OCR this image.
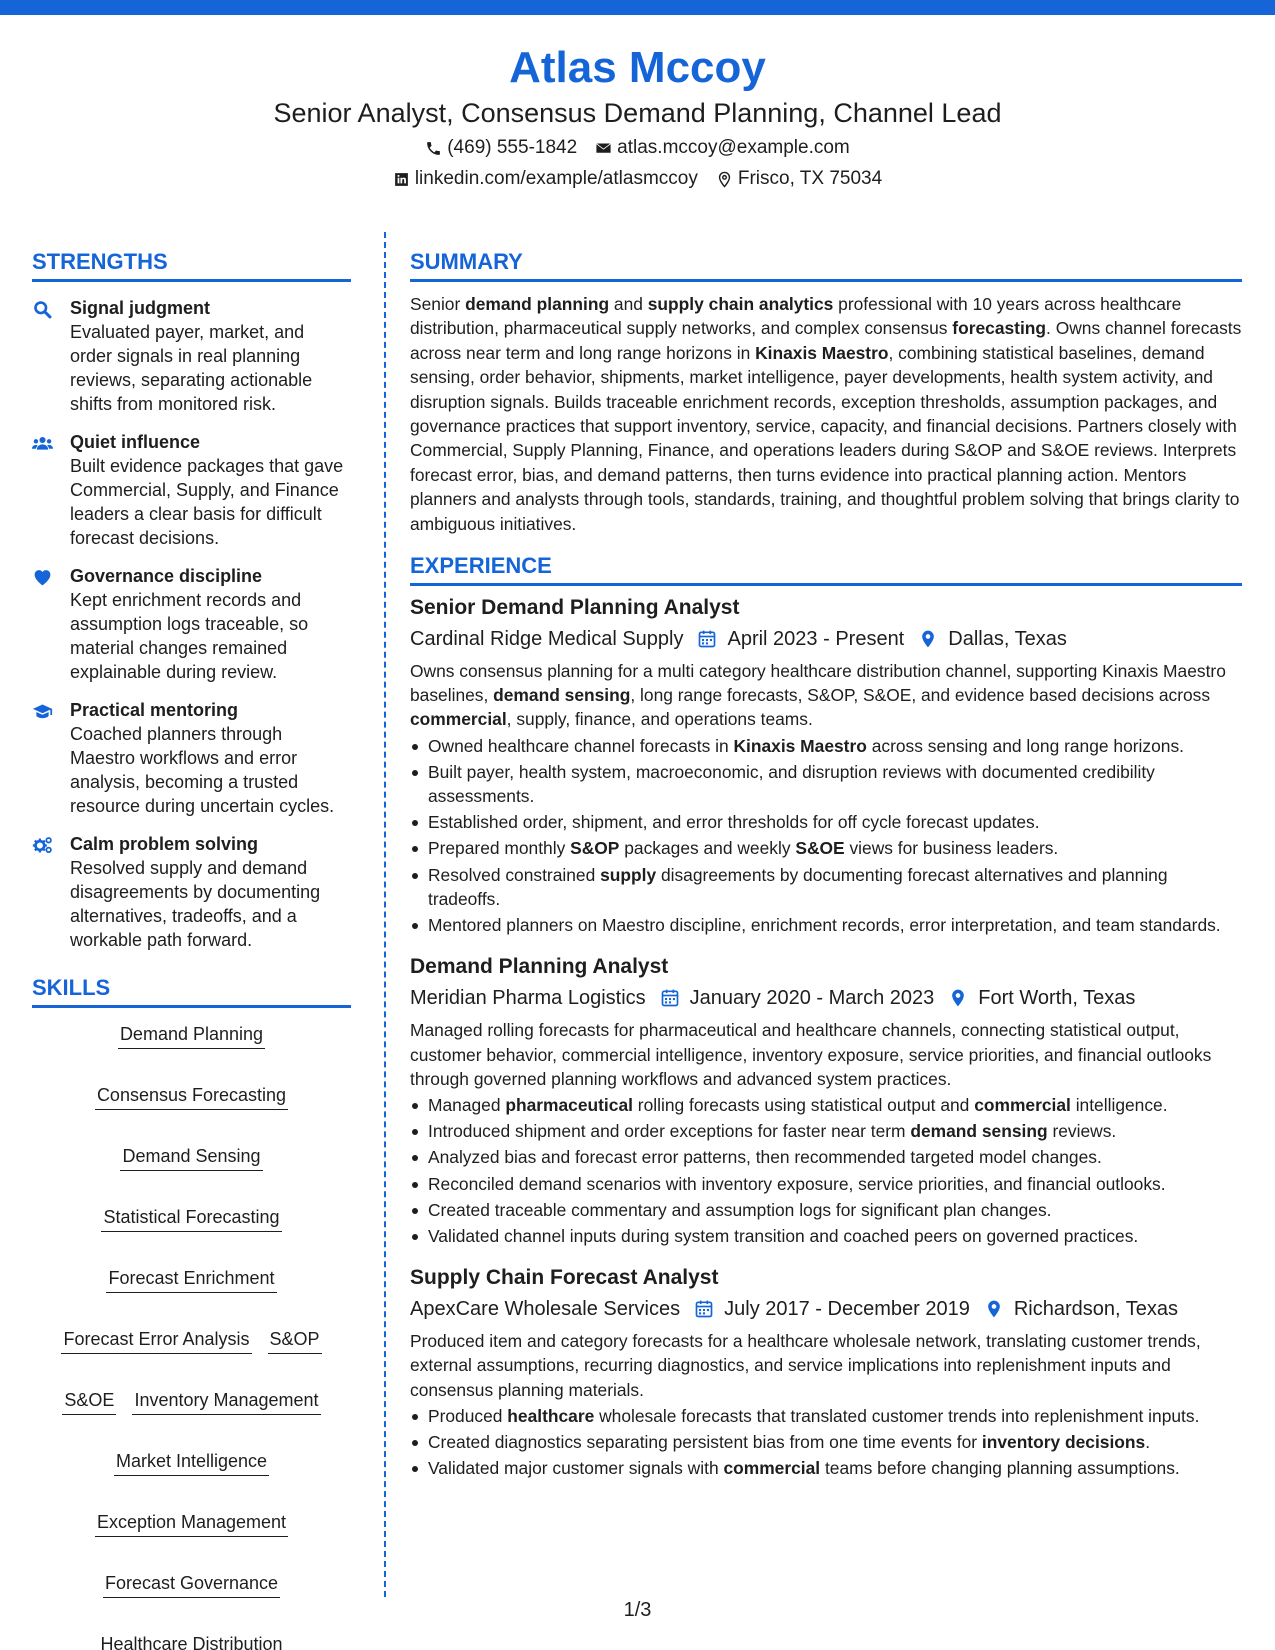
Atlas Mccoy
Senior Analyst, Consensus Demand Planning, Channel Lead
(469) 555-1842 atlas.mccoy@example.com
linkedin.com/example/atlasmccoy Frisco, TX 75034
STRENGTHS
Signal judgment
Evaluated payer, market, and order signals in real planning reviews, separating actionable shifts from monitored risk.
Quiet influence
Built evidence packages that gave Commercial, Supply, and Finance leaders a clear basis for difficult forecast decisions.
Governance discipline
Kept enrichment records and assumption logs traceable, so material changes remained explainable during review.
Practical mentoring
Coached planners through Maestro workflows and error analysis, becoming a trusted resource during uncertain cycles.
Calm problem solving
Resolved supply and demand disagreements by documenting alternatives, tradeoffs, and a workable path forward.
SKILLS
Demand Planning
Consensus Forecasting
Demand Sensing
Statistical Forecasting
Forecast Enrichment
Forecast Error Analysis S&OP
S&OE Inventory Management
Market Intelligence
Exception Management
Forecast Governance
Healthcare Distribution
SUMMARY
Senior demand planning and supply chain analytics professional with 10 years across healthcare distribution, pharmaceutical supply networks, and complex consensus forecasting. Owns channel forecasts across near term and long range horizons in Kinaxis Maestro, combining statistical baselines, demand sensing, order behavior, shipments, market intelligence, payer developments, health system activity, and disruption signals. Builds traceable enrichment records, exception thresholds, assumption packages, and governance practices that support inventory, service, capacity, and financial decisions. Partners closely with Commercial, Supply Planning, Finance, and operations leaders during S&OP and S&OE reviews. Interprets forecast error, bias, and demand patterns, then turns evidence into practical planning action. Mentors planners and analysts through tools, standards, training, and thoughtful problem solving that brings clarity to ambiguous initiatives.
EXPERIENCE
Senior Demand Planning Analyst
Cardinal Ridge Medical Supply April 2023 - Present Dallas, Texas
Owns consensus planning for a multi category healthcare distribution channel, supporting Kinaxis Maestro baselines, demand sensing, long range forecasts, S&OP, S&OE, and evidence based decisions across commercial, supply, finance, and operations teams.
Owned healthcare channel forecasts in Kinaxis Maestro across sensing and long range horizons.
Built payer, health system, macroeconomic, and disruption reviews with documented credibility assessments.
Established order, shipment, and error thresholds for off cycle forecast updates.
Prepared monthly S&OP packages and weekly S&OE views for business leaders.
Resolved constrained supply disagreements by documenting forecast alternatives and planning tradeoffs.
Mentored planners on Maestro discipline, enrichment records, error interpretation, and team standards.
Demand Planning Analyst
Meridian Pharma Logistics January 2020 - March 2023 Fort Worth, Texas
Managed rolling forecasts for pharmaceutical and healthcare channels, connecting statistical output, customer behavior, commercial intelligence, inventory exposure, service priorities, and financial outlooks through governed planning workflows and advanced system practices.
Managed pharmaceutical rolling forecasts using statistical output and commercial intelligence.
Introduced shipment and order exceptions for faster near term demand sensing reviews.
Analyzed bias and forecast error patterns, then recommended targeted model changes.
Reconciled demand scenarios with inventory exposure, service priorities, and financial outlooks.
Created traceable commentary and assumption logs for significant plan changes.
Validated channel inputs during system transition and coached peers on governed practices.
Supply Chain Forecast Analyst
ApexCare Wholesale Services July 2017 - December 2019 Richardson, Texas
Produced item and category forecasts for a healthcare wholesale network, translating customer trends, external assumptions, recurring diagnostics, and service implications into replenishment inputs and consensus planning materials.
Produced healthcare wholesale forecasts that translated customer trends into replenishment inputs.
Created diagnostics separating persistent bias from one time events for inventory decisions.
Validated major customer signals with commercial teams before changing planning assumptions.
1/3
